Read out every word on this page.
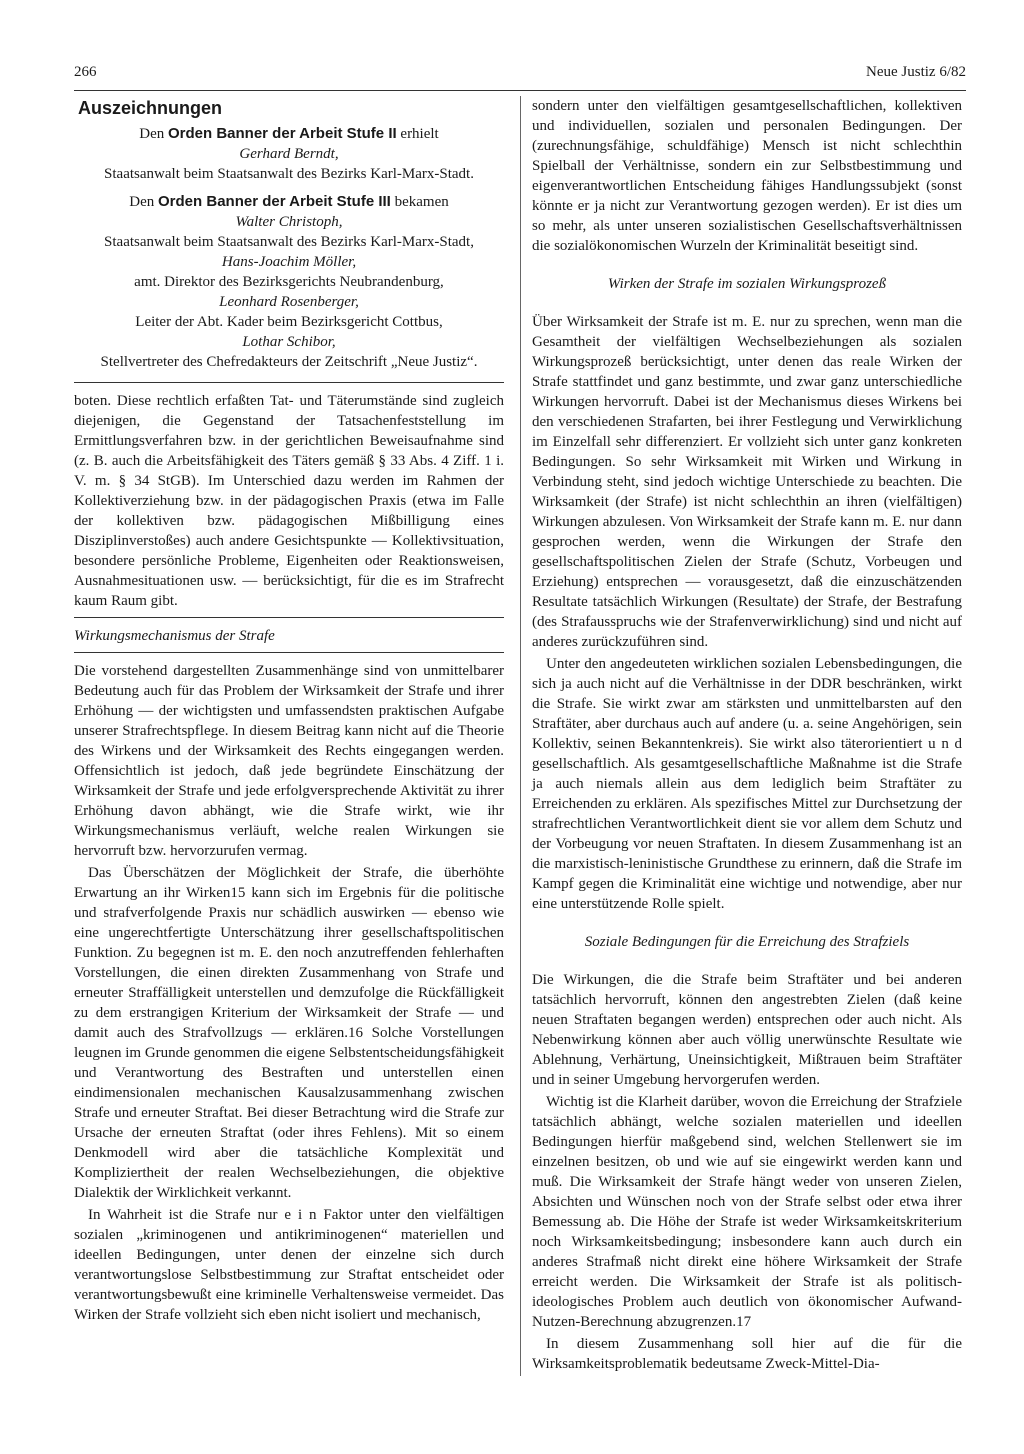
266	Neue Justiz 6/82
Auszeichnungen

Den Orden Banner der Arbeit Stufe II erhielt

Gerhard Berndt,

Staatsanwalt beim Staatsanwalt des Bezirks Karl-Marx-Stadt.

Den Orden Banner der Arbeit Stufe III bekamen

Walter Christoph,

Staatsanwalt beim Staatsanwalt des Bezirks Karl-Marx-Stadt,

Hans-Joachim Möller,

amt. Direktor des Bezirksgerichts Neubrandenburg,

Leonhard Rosenberger,

Leiter der Abt. Kader beim Bezirksgericht Cottbus,

Lothar Schibor,

Stellvertreter des Chefredakteurs der Zeitschrift „Neue Justiz“.

boten. Diese rechtlich erfaßten Tat- und Täterumstände sind zugleich diejenigen, die Gegenstand der Tatsachenfeststellung im Ermittlungsverfahren bzw. in der gerichtlichen Beweisaufnahme sind (z. B. auch die Arbeitsfähigkeit des Täters gemäß § 33 Abs. 4 Ziff. 1 i. V. m. § 34 StGB). Im Unterschied dazu werden im Rahmen der Kollektiverziehung bzw. in der pädagogischen Praxis (etwa im Falle der kollektiven bzw. pädagogischen Mißbilligung eines Disziplinverstoßes) auch andere Gesichtspunkte — Kollektivsituation, besondere persönliche Probleme, Eigenheiten oder Reaktionsweisen, Ausnahmesituationen usw. — berücksichtigt, für die es im Strafrecht kaum Raum gibt.

Wirkungsmechanismus der Strafe

Die vorstehend dargestellten Zusammenhänge sind von unmittelbarer Bedeutung auch für das Problem der Wirksamkeit der Strafe und ihrer Erhöhung — der wichtigsten und umfassendsten praktischen Aufgabe unserer Strafrechtspflege. In diesem Beitrag kann nicht auf die Theorie des Wirkens und der Wirksamkeit des Rechts eingegangen werden. Offensichtlich ist jedoch, daß jede begründete Einschätzung der Wirksamkeit der Strafe und jede erfolgversprechende Aktivität zu ihrer Erhöhung davon abhängt, wie die Strafe wirkt, wie ihr Wirkungsmechanismus verläuft, welche realen Wirkungen sie hervorruft bzw. hervorzurufen vermag.

Das Überschätzen der Möglichkeit der Strafe, die überhöhte Erwartung an ihr Wirken15 kann sich im Ergebnis für die politische und strafverfolgende Praxis nur schädlich auswirken — ebenso wie eine ungerechtfertigte Unterschätzung ihrer gesellschaftspolitischen Funktion. Zu begegnen ist m. E. den noch anzutreffenden fehlerhaften Vorstellungen, die einen direkten Zusammenhang von Strafe und erneuter Straffälligkeit unterstellen und demzufolge die Rückfälligkeit zu dem erstrangigen Kriterium der Wirksamkeit der Strafe — und damit auch des Strafvollzugs — erklären.16 Solche Vorstellungen leugnen im Grunde genommen die eigene Selbstentscheidungsfähigkeit und Verantwortung des Bestraften und unterstellen einen eindimensionalen mechanischen Kausalzusammenhang zwischen Strafe und erneuter Straftat. Bei dieser Betrachtung wird die Strafe zur Ursache der erneuten Straftat (oder ihres Fehlens). Mit so einem Denkmodell wird aber die tatsächliche Komplexität und Kompliziertheit der realen Wechselbeziehungen, die objektive Dialektik der Wirklichkeit verkannt.

In Wahrheit ist die Strafe nur e i n Faktor unter den vielfältigen sozialen „kriminogenen und antikriminogenen“ materiellen und ideellen Bedingungen, unter denen der einzelne sich durch verantwortungslose Selbstbestimmung zur Straftat entscheidet oder verantwortungsbewußt eine kriminelle Verhaltensweise vermeidet. Das Wirken der Strafe vollzieht sich eben nicht isoliert und mechanisch,

sondern unter den vielfältigen gesamtgesellschaftlichen, kollektiven und individuellen, sozialen und personalen Bedingungen. Der (zurechnungsfähige, schuldfähige) Mensch ist nicht schlechthin Spielball der Verhältnisse, sondern ein zur Selbstbestimmung und eigenverantwortlichen Entscheidung fähiges Handlungssubjekt (sonst könnte er ja nicht zur Verantwortung gezogen werden). Er ist dies um so mehr, als unter unseren sozialistischen Gesellschaftsverhältnissen die sozialökonomischen Wurzeln der Kriminalität beseitigt sind.

Wirken der Strafe im sozialen Wirkungsprozeß

Über Wirksamkeit der Strafe ist m. E. nur zu sprechen, wenn man die Gesamtheit der vielfältigen Wechselbeziehungen als sozialen Wirkungsprozeß berücksichtigt, unter denen das reale Wirken der Strafe stattfindet und ganz bestimmte, und zwar ganz unterschiedliche Wirkungen hervorruft. Dabei ist der Mechanismus dieses Wirkens bei den verschiedenen Strafarten, bei ihrer Festlegung und Verwirklichung im Einzelfall sehr differenziert. Er vollzieht sich unter ganz konkreten Bedingungen. So sehr Wirksamkeit mit Wirken und Wirkung in Verbindung steht, sind jedoch wichtige Unterschiede zu beachten. Die Wirksamkeit (der Strafe) ist nicht schlechthin an ihren (vielfältigen) Wirkungen abzulesen. Von Wirksamkeit der Strafe kann m. E. nur dann gesprochen werden, wenn die Wirkungen der Strafe den gesellschaftspolitischen Zielen der Strafe (Schutz, Vorbeugen und Erziehung) entsprechen — vorausgesetzt, daß die einzuschätzenden Resultate tatsächlich Wirkungen (Resultate) der Strafe, der Bestrafung (des Strafausspruchs wie der Strafenverwirklichung) sind und nicht auf anderes zurückzuführen sind.

Unter den angedeuteten wirklichen sozialen Lebensbedingungen, die sich ja auch nicht auf die Verhältnisse in der DDR beschränken, wirkt die Strafe. Sie wirkt zwar am stärksten und unmittelbarsten auf den Straftäter, aber durchaus auch auf andere (u. a. seine Angehörigen, sein Kollektiv, seinen Bekanntenkreis). Sie wirkt also täterorientiert u n d gesellschaftlich. Als gesamtgesellschaftliche Maßnahme ist die Strafe ja auch niemals allein aus dem lediglich beim Straftäter zu Erreichenden zu erklären. Als spezifisches Mittel zur Durchsetzung der strafrechtlichen Verantwortlichkeit dient sie vor allem dem Schutz und der Vorbeugung vor neuen Straftaten. In diesem Zusammenhang ist an die marxistisch-leninistische Grundthese zu erinnern, daß die Strafe im Kampf gegen die Kriminalität eine wichtige und notwendige, aber nur eine unterstützende Rolle spielt.

Soziale Bedingungen für die Erreichung des Strafziels

Die Wirkungen, die die Strafe beim Straftäter und bei anderen tatsächlich hervorruft, können den angestrebten Zielen (daß keine neuen Straftaten begangen werden) entsprechen oder auch nicht. Als Nebenwirkung können aber auch völlig unerwünschte Resultate wie Ablehnung, Verhärtung, Uneinsichtigkeit, Mißtrauen beim Straftäter und in seiner Umgebung hervorgerufen werden.

Wichtig ist die Klarheit darüber, wovon die Erreichung der Strafziele tatsächlich abhängt, welche sozialen materiellen und ideellen Bedingungen hierfür maßgebend sind, welchen Stellenwert sie im einzelnen besitzen, ob und wie auf sie eingewirkt werden kann und muß. Die Wirksamkeit der Strafe hängt weder von unseren Zielen, Absichten und Wünschen noch von der Strafe selbst oder etwa ihrer Bemessung ab. Die Höhe der Strafe ist weder Wirksamkeitskriterium noch Wirksamkeitsbedingung; insbesondere kann auch durch ein anderes Strafmaß nicht direkt eine höhere Wirksamkeit der Strafe erreicht werden. Die Wirksamkeit der Strafe ist als politisch-ideologisches Problem auch deutlich von ökonomischer Aufwand-Nutzen-Berechnung abzugrenzen.17

In diesem Zusammenhang soll hier auf die für die Wirksamkeitsproblematik bedeutsame Zweck-Mittel-Dia-
